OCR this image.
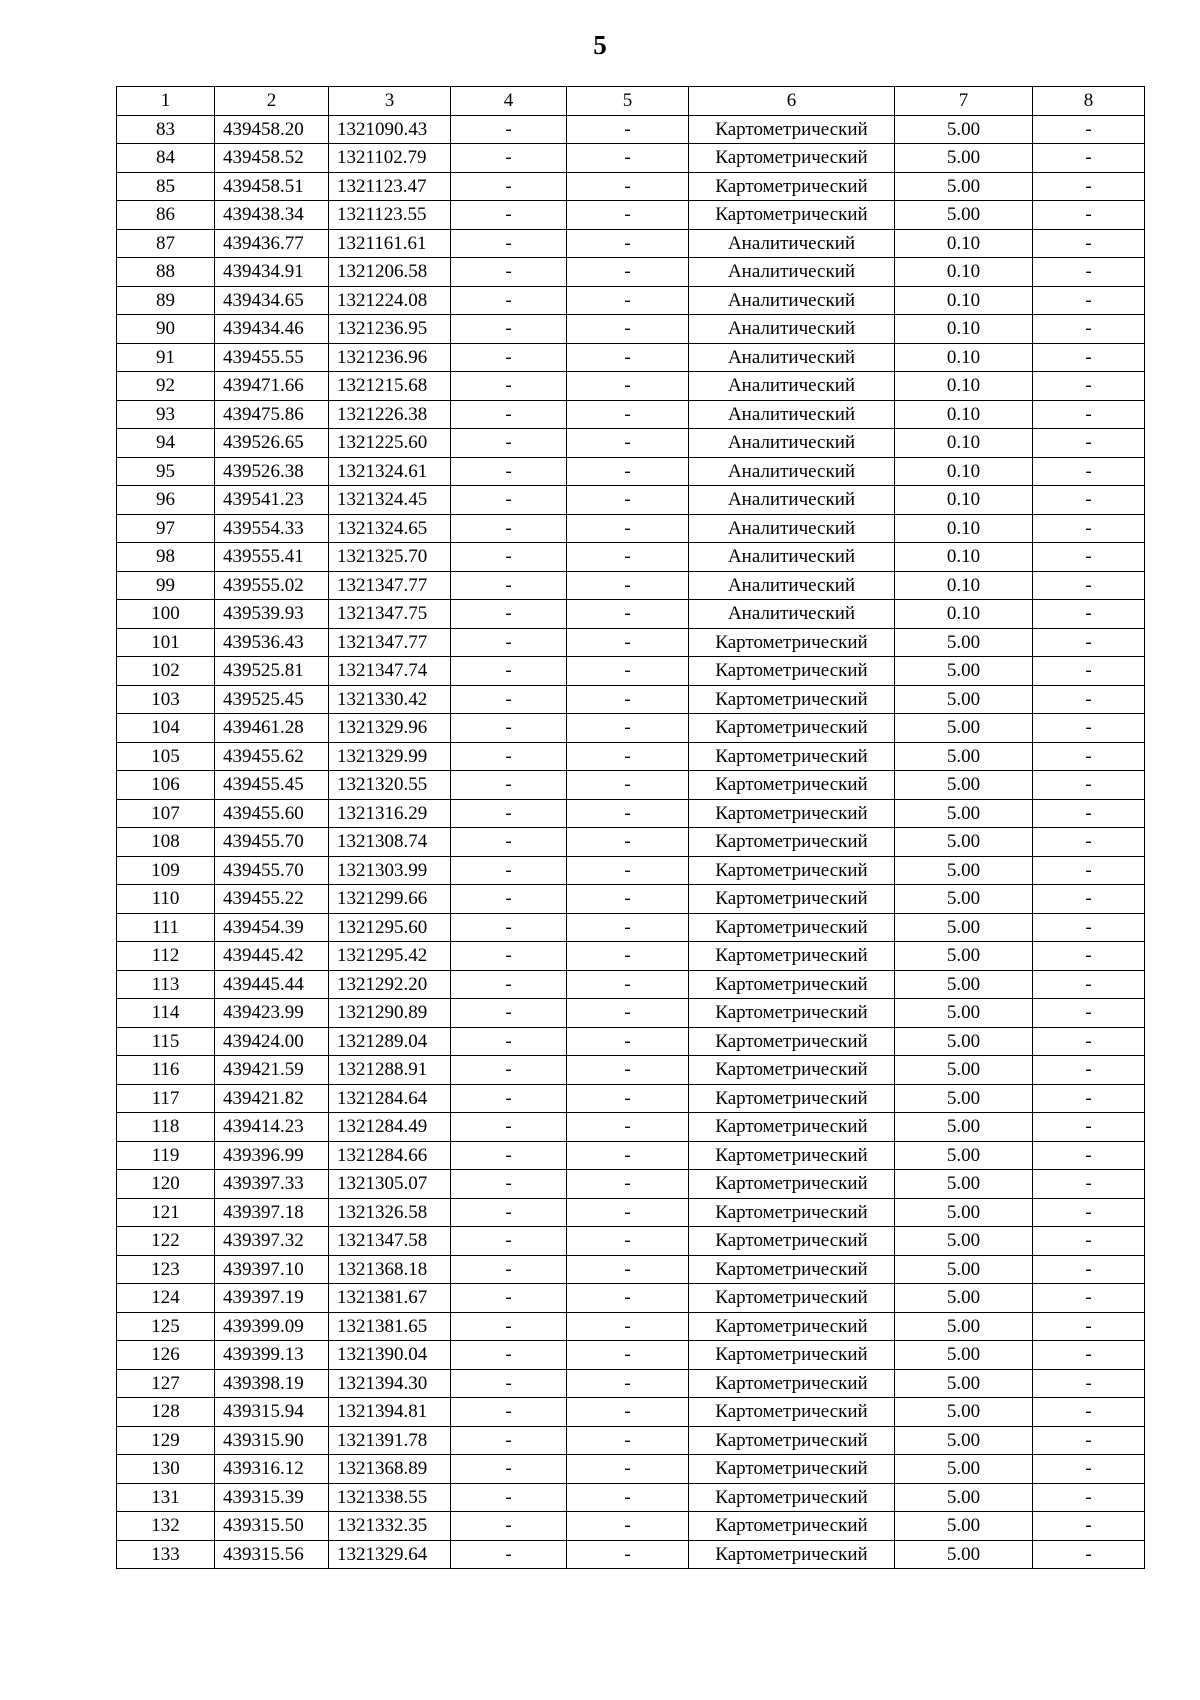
5
1	2	3	4	5	6	7	8
83	439458.20	1321090.43	-	-	Картометрический	5.00	-
84	439458.52	1321102.79	-	-	Картометрический	5.00	-
85	439458.51	1321123.47	-	-	Картометрический	5.00	-
86	439438.34	1321123.55	-	-	Картометрический	5.00	-
87	439436.77	1321161.61	-	-	Аналитический	0.10	-
88	439434.91	1321206.58	-	-	Аналитический	0.10	-
89	439434.65	1321224.08	-	-	Аналитический	0.10	-
90	439434.46	1321236.95	-	-	Аналитический	0.10	-
91	439455.55	1321236.96	-	-	Аналитический	0.10	-
92	439471.66	1321215.68	-	-	Аналитический	0.10	-
93	439475.86	1321226.38	-	-	Аналитический	0.10	-
94	439526.65	1321225.60	-	-	Аналитический	0.10	-
95	439526.38	1321324.61	-	-	Аналитический	0.10	-
96	439541.23	1321324.45	-	-	Аналитический	0.10	-
97	439554.33	1321324.65	-	-	Аналитический	0.10	-
98	439555.41	1321325.70	-	-	Аналитический	0.10	-
99	439555.02	1321347.77	-	-	Аналитический	0.10	-
100	439539.93	1321347.75	-	-	Аналитический	0.10	-
101	439536.43	1321347.77	-	-	Картометрический	5.00	-
102	439525.81	1321347.74	-	-	Картометрический	5.00	-
103	439525.45	1321330.42	-	-	Картометрический	5.00	-
104	439461.28	1321329.96	-	-	Картометрический	5.00	-
105	439455.62	1321329.99	-	-	Картометрический	5.00	-
106	439455.45	1321320.55	-	-	Картометрический	5.00	-
107	439455.60	1321316.29	-	-	Картометрический	5.00	-
108	439455.70	1321308.74	-	-	Картометрический	5.00	-
109	439455.70	1321303.99	-	-	Картометрический	5.00	-
110	439455.22	1321299.66	-	-	Картометрический	5.00	-
111	439454.39	1321295.60	-	-	Картометрический	5.00	-
112	439445.42	1321295.42	-	-	Картометрический	5.00	-
113	439445.44	1321292.20	-	-	Картометрический	5.00	-
114	439423.99	1321290.89	-	-	Картометрический	5.00	-
115	439424.00	1321289.04	-	-	Картометрический	5.00	-
116	439421.59	1321288.91	-	-	Картометрический	5.00	-
117	439421.82	1321284.64	-	-	Картометрический	5.00	-
118	439414.23	1321284.49	-	-	Картометрический	5.00	-
119	439396.99	1321284.66	-	-	Картометрический	5.00	-
120	439397.33	1321305.07	-	-	Картометрический	5.00	-
121	439397.18	1321326.58	-	-	Картометрический	5.00	-
122	439397.32	1321347.58	-	-	Картометрический	5.00	-
123	439397.10	1321368.18	-	-	Картометрический	5.00	-
124	439397.19	1321381.67	-	-	Картометрический	5.00	-
125	439399.09	1321381.65	-	-	Картометрический	5.00	-
126	439399.13	1321390.04	-	-	Картометрический	5.00	-
127	439398.19	1321394.30	-	-	Картометрический	5.00	-
128	439315.94	1321394.81	-	-	Картометрический	5.00	-
129	439315.90	1321391.78	-	-	Картометрический	5.00	-
130	439316.12	1321368.89	-	-	Картометрический	5.00	-
131	439315.39	1321338.55	-	-	Картометрический	5.00	-
132	439315.50	1321332.35	-	-	Картометрический	5.00	-
133	439315.56	1321329.64	-	-	Картометрический	5.00	-
